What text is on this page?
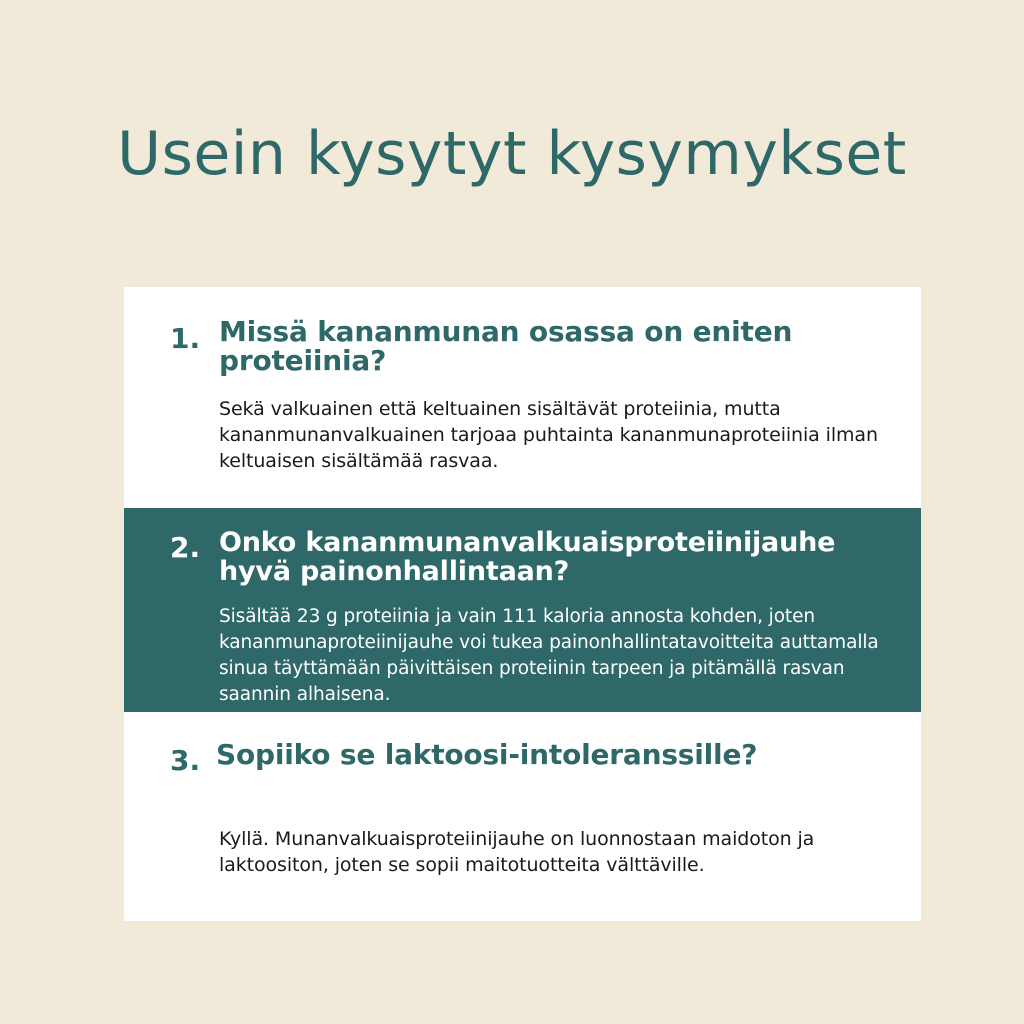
Usein kysytyt kysymykset
1. Missä kananmunan osassa on eniten proteiinia?

Sekä valkuainen että keltuainen sisältävät proteiinia, mutta kananmunanvalkuainen tarjoaa puhtainta kananmunaproteiinia ilman keltuaisen sisältämää rasvaa.

2. Onko kananmunanvalkuaisproteiinijauhe hyvä painonhallintaan?

Sisältää 23 g proteiinia ja vain 111 kaloria annosta kohden, joten kananmunaproteiinijauhe voi tukea painonhallintatavoitteita auttamalla sinua täyttämään päivittäisen proteiinin tarpeen ja pitämällä rasvan saannin alhaisena.

3. Sopiiko se laktoosi-intoleranssille?

Kyllä. Munanvalkuaisproteiinijauhe on luonnostaan maidoton ja laktoositon, joten se sopii maitotuotteita välttäville.
